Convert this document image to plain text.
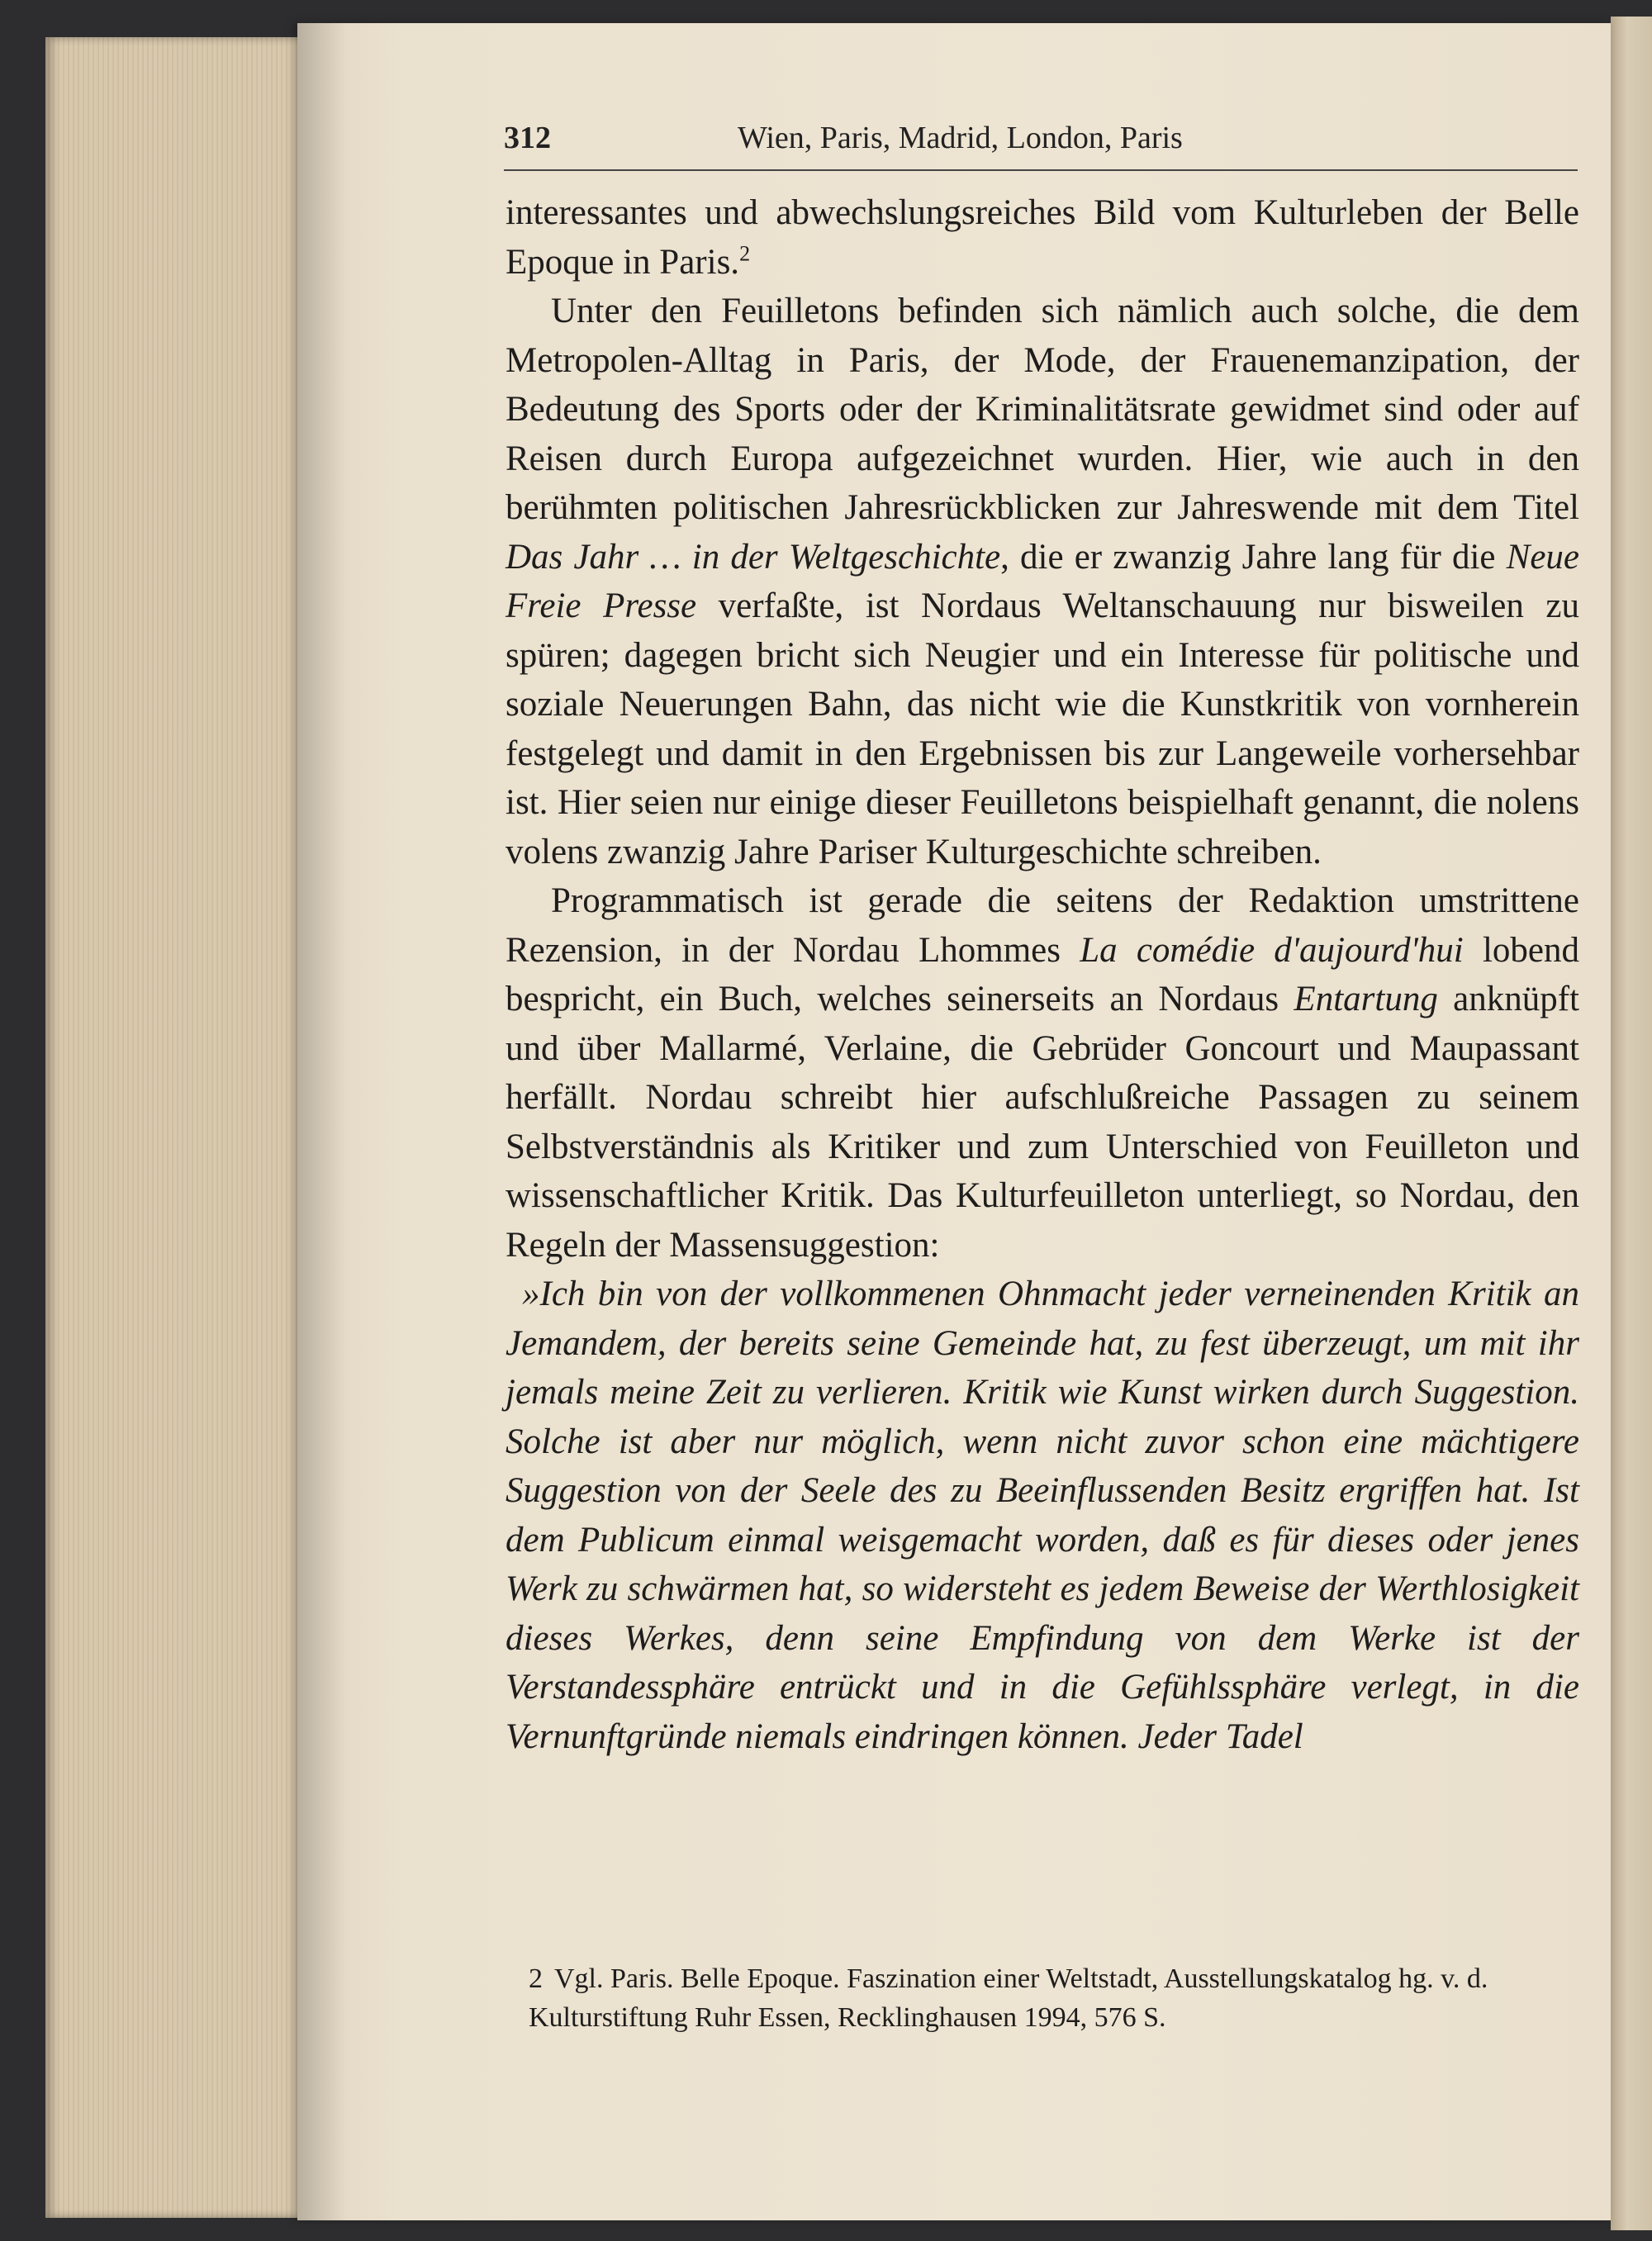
312	Wien, Paris, Madrid, London, Paris

interessantes und abwechslungsreiches Bild vom Kulturleben der Belle Epoque in Paris.$^2$

Unter den Feuilletons befinden sich nämlich auch solche, die dem Metropolen-Alltag in Paris, der Mode, der Frauenemanzipation, der Bedeutung des Sports oder der Kriminalitätsrate gewidmet sind oder auf Reisen durch Europa aufgezeichnet wurden. Hier, wie auch in den berühmten politischen Jahresrückblicken zur Jahreswende mit dem Titel Das Jahr … in der Weltgeschichte, die er zwanzig Jahre lang für die Neue Freie Presse verfaßte, ist Nordaus Weltanschauung nur bisweilen zu spüren; dagegen bricht sich Neugier und ein Interesse für politische und soziale Neuerungen Bahn, das nicht wie die Kunstkritik von vornherein festgelegt und damit in den Ergebnissen bis zur Langeweile vorhersehbar ist. Hier seien nur einige dieser Feuilletons beispielhaft genannt, die nolens volens zwanzig Jahre Pariser Kulturgeschichte schreiben.

Programmatisch ist gerade die seitens der Redaktion umstrittene Rezension, in der Nordau Lhommes La comédie d'aujourd'hui lobend bespricht, ein Buch, welches seinerseits an Nordaus Entartung anknüpft und über Mallarmé, Verlaine, die Gebrüder Goncourt und Maupassant herfällt. Nordau schreibt hier aufschlußreiche Passagen zu seinem Selbstverständnis als Kritiker und zum Unterschied von Feuilleton und wissenschaftlicher Kritik. Das Kulturfeuilleton unterliegt, so Nordau, den Regeln der Massensuggestion:

»Ich bin von der vollkommenen Ohnmacht jeder verneinenden Kritik an Jemandem, der bereits seine Gemeinde hat, zu fest überzeugt, um mit ihr jemals meine Zeit zu verlieren. Kritik wie Kunst wirken durch Suggestion. Solche ist aber nur möglich, wenn nicht zuvor schon eine mächtigere Suggestion von der Seele des zu Beeinflussenden Besitz ergriffen hat. Ist dem Publicum einmal weisgemacht worden, daß es für dieses oder jenes Werk zu schwärmen hat, so widersteht es jedem Beweise der Werthlosigkeit dieses Werkes, denn seine Empfindung von dem Werke ist der Verstandessphäre entrückt und in die Gefühlssphäre verlegt, in die Vernunftgründe niemals eindringen können. Jeder Tadel

2 Vgl. Paris. Belle Epoque. Faszination einer Weltstadt, Ausstellungskatalog hg. v. d. Kulturstiftung Ruhr Essen, Recklinghausen 1994, 576 S.
